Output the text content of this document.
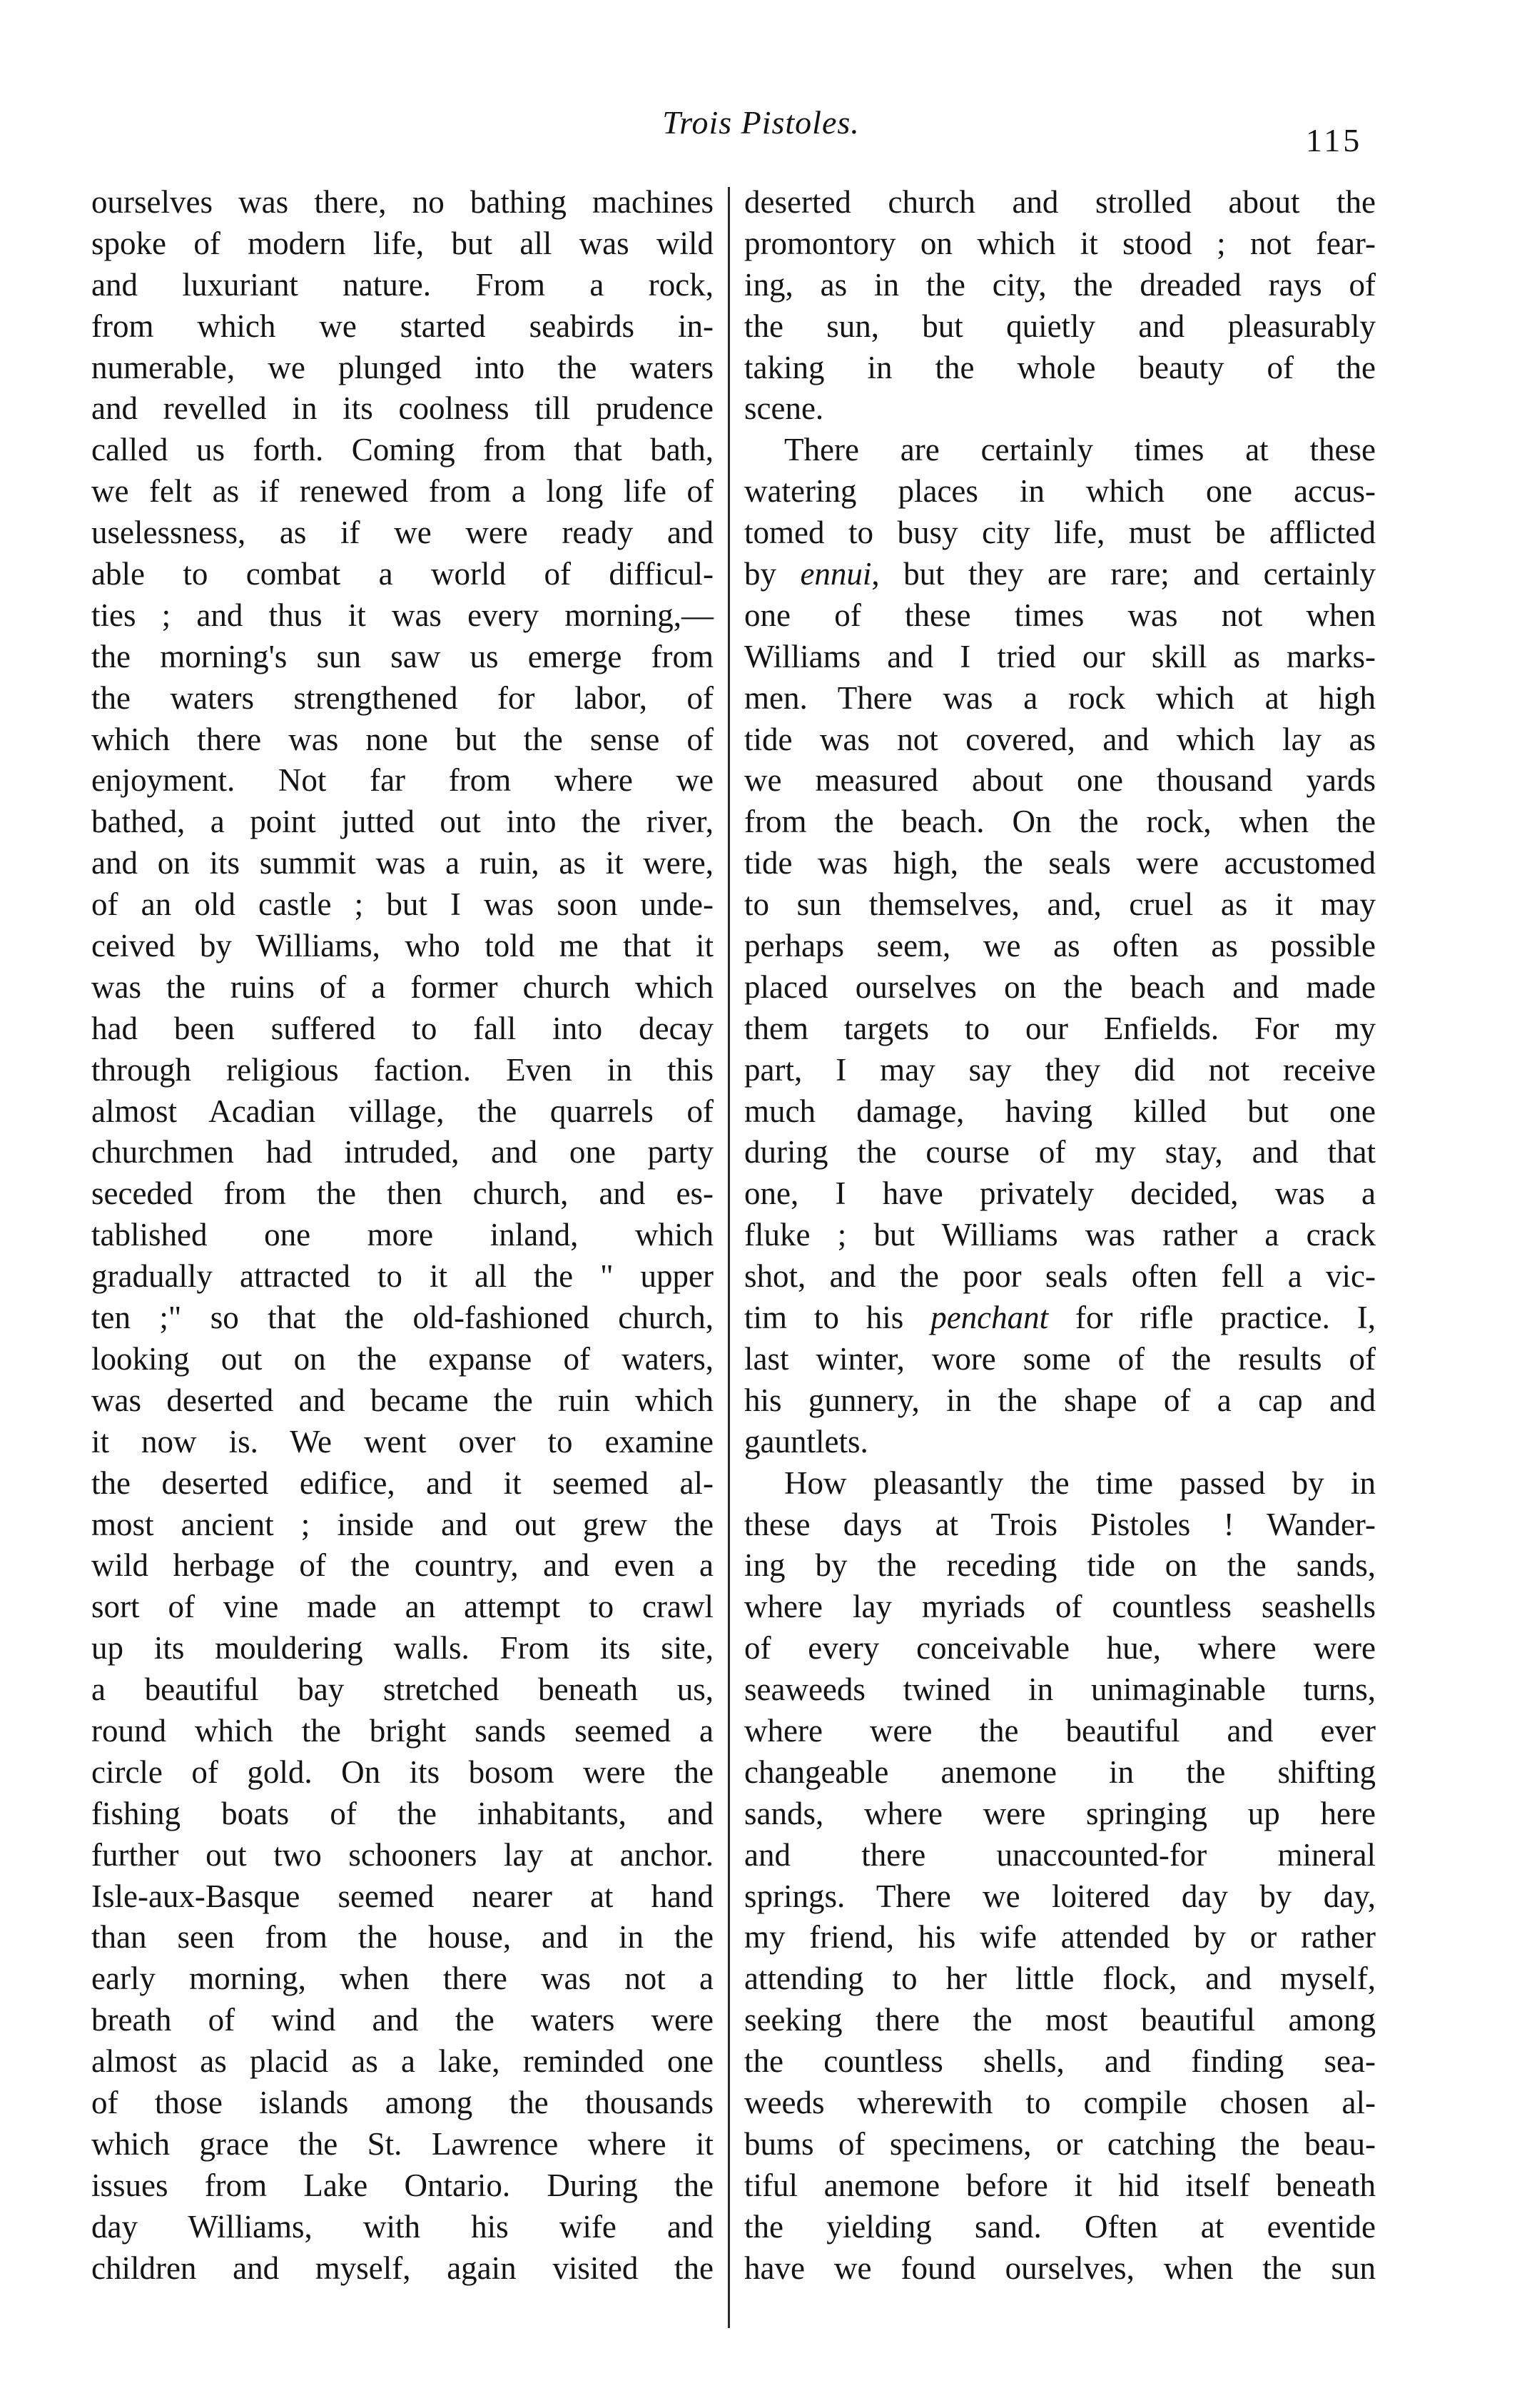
Trois Pistoles.	115
ourselves was there, no bathing machines
spoke of modern life, but all was wild
and luxuriant nature. From a rock,
from which we started seabirds in-
numerable, we plunged into the waters
and revelled in its coolness till prudence
called us forth. Coming from that bath,
we felt as if renewed from a long life of
uselessness, as if we were ready and
able to combat a world of difficul-
ties ; and thus it was every morning,—
the morning's sun saw us emerge from
the waters strengthened for labor, of
which there was none but the sense of
enjoyment. Not far from where we
bathed, a point jutted out into the river,
and on its summit was a ruin, as it were,
of an old castle ; but I was soon unde-
ceived by Williams, who told me that it
was the ruins of a former church which
had been suffered to fall into decay
through religious faction. Even in this
almost Acadian village, the quarrels of
churchmen had intruded, and one party
seceded from the then church, and es-
tablished one more inland, which
gradually attracted to it all the " upper
ten ;" so that the old-fashioned church,
looking out on the expanse of waters,
was deserted and became the ruin which
it now is. We went over to examine
the deserted edifice, and it seemed al-
most ancient ; inside and out grew the
wild herbage of the country, and even a
sort of vine made an attempt to crawl
up its mouldering walls. From its site,
a beautiful bay stretched beneath us,
round which the bright sands seemed a
circle of gold. On its bosom were the
fishing boats of the inhabitants, and
further out two schooners lay at anchor.
Isle-aux-Basque seemed nearer at hand
than seen from the house, and in the
early morning, when there was not a
breath of wind and the waters were
almost as placid as a lake, reminded one
of those islands among the thousands
which grace the St. Lawrence where it
issues from Lake Ontario. During the
day Williams, with his wife and
children and myself, again visited the
deserted church and strolled about the
promontory on which it stood ; not fear-
ing, as in the city, the dreaded rays of
the sun, but quietly and pleasurably
taking in the whole beauty of the
scene.
There are certainly times at these
watering places in which one accus-
tomed to busy city life, must be afflicted
by ennui, but they are rare; and certainly
one of these times was not when
Williams and I tried our skill as marks-
men. There was a rock which at high
tide was not covered, and which lay as
we measured about one thousand yards
from the beach. On the rock, when the
tide was high, the seals were accustomed
to sun themselves, and, cruel as it may
perhaps seem, we as often as possible
placed ourselves on the beach and made
them targets to our Enfields. For my
part, I may say they did not receive
much damage, having killed but one
during the course of my stay, and that
one, I have privately decided, was a
fluke ; but Williams was rather a crack
shot, and the poor seals often fell a vic-
tim to his penchant for rifle practice. I,
last winter, wore some of the results of
his gunnery, in the shape of a cap and
gauntlets.
How pleasantly the time passed by in
these days at Trois Pistoles ! Wander-
ing by the receding tide on the sands,
where lay myriads of countless seashells
of every conceivable hue, where were
seaweeds twined in unimaginable turns,
where were the beautiful and ever
changeable anemone in the shifting
sands, where were springing up here
and there unaccounted-for mineral
springs. There we loitered day by day,
my friend, his wife attended by or rather
attending to her little flock, and myself,
seeking there the most beautiful among
the countless shells, and finding sea-
weeds wherewith to compile chosen al-
bums of specimens, or catching the beau-
tiful anemone before it hid itself beneath
the yielding sand. Often at eventide
have we found ourselves, when the sun
